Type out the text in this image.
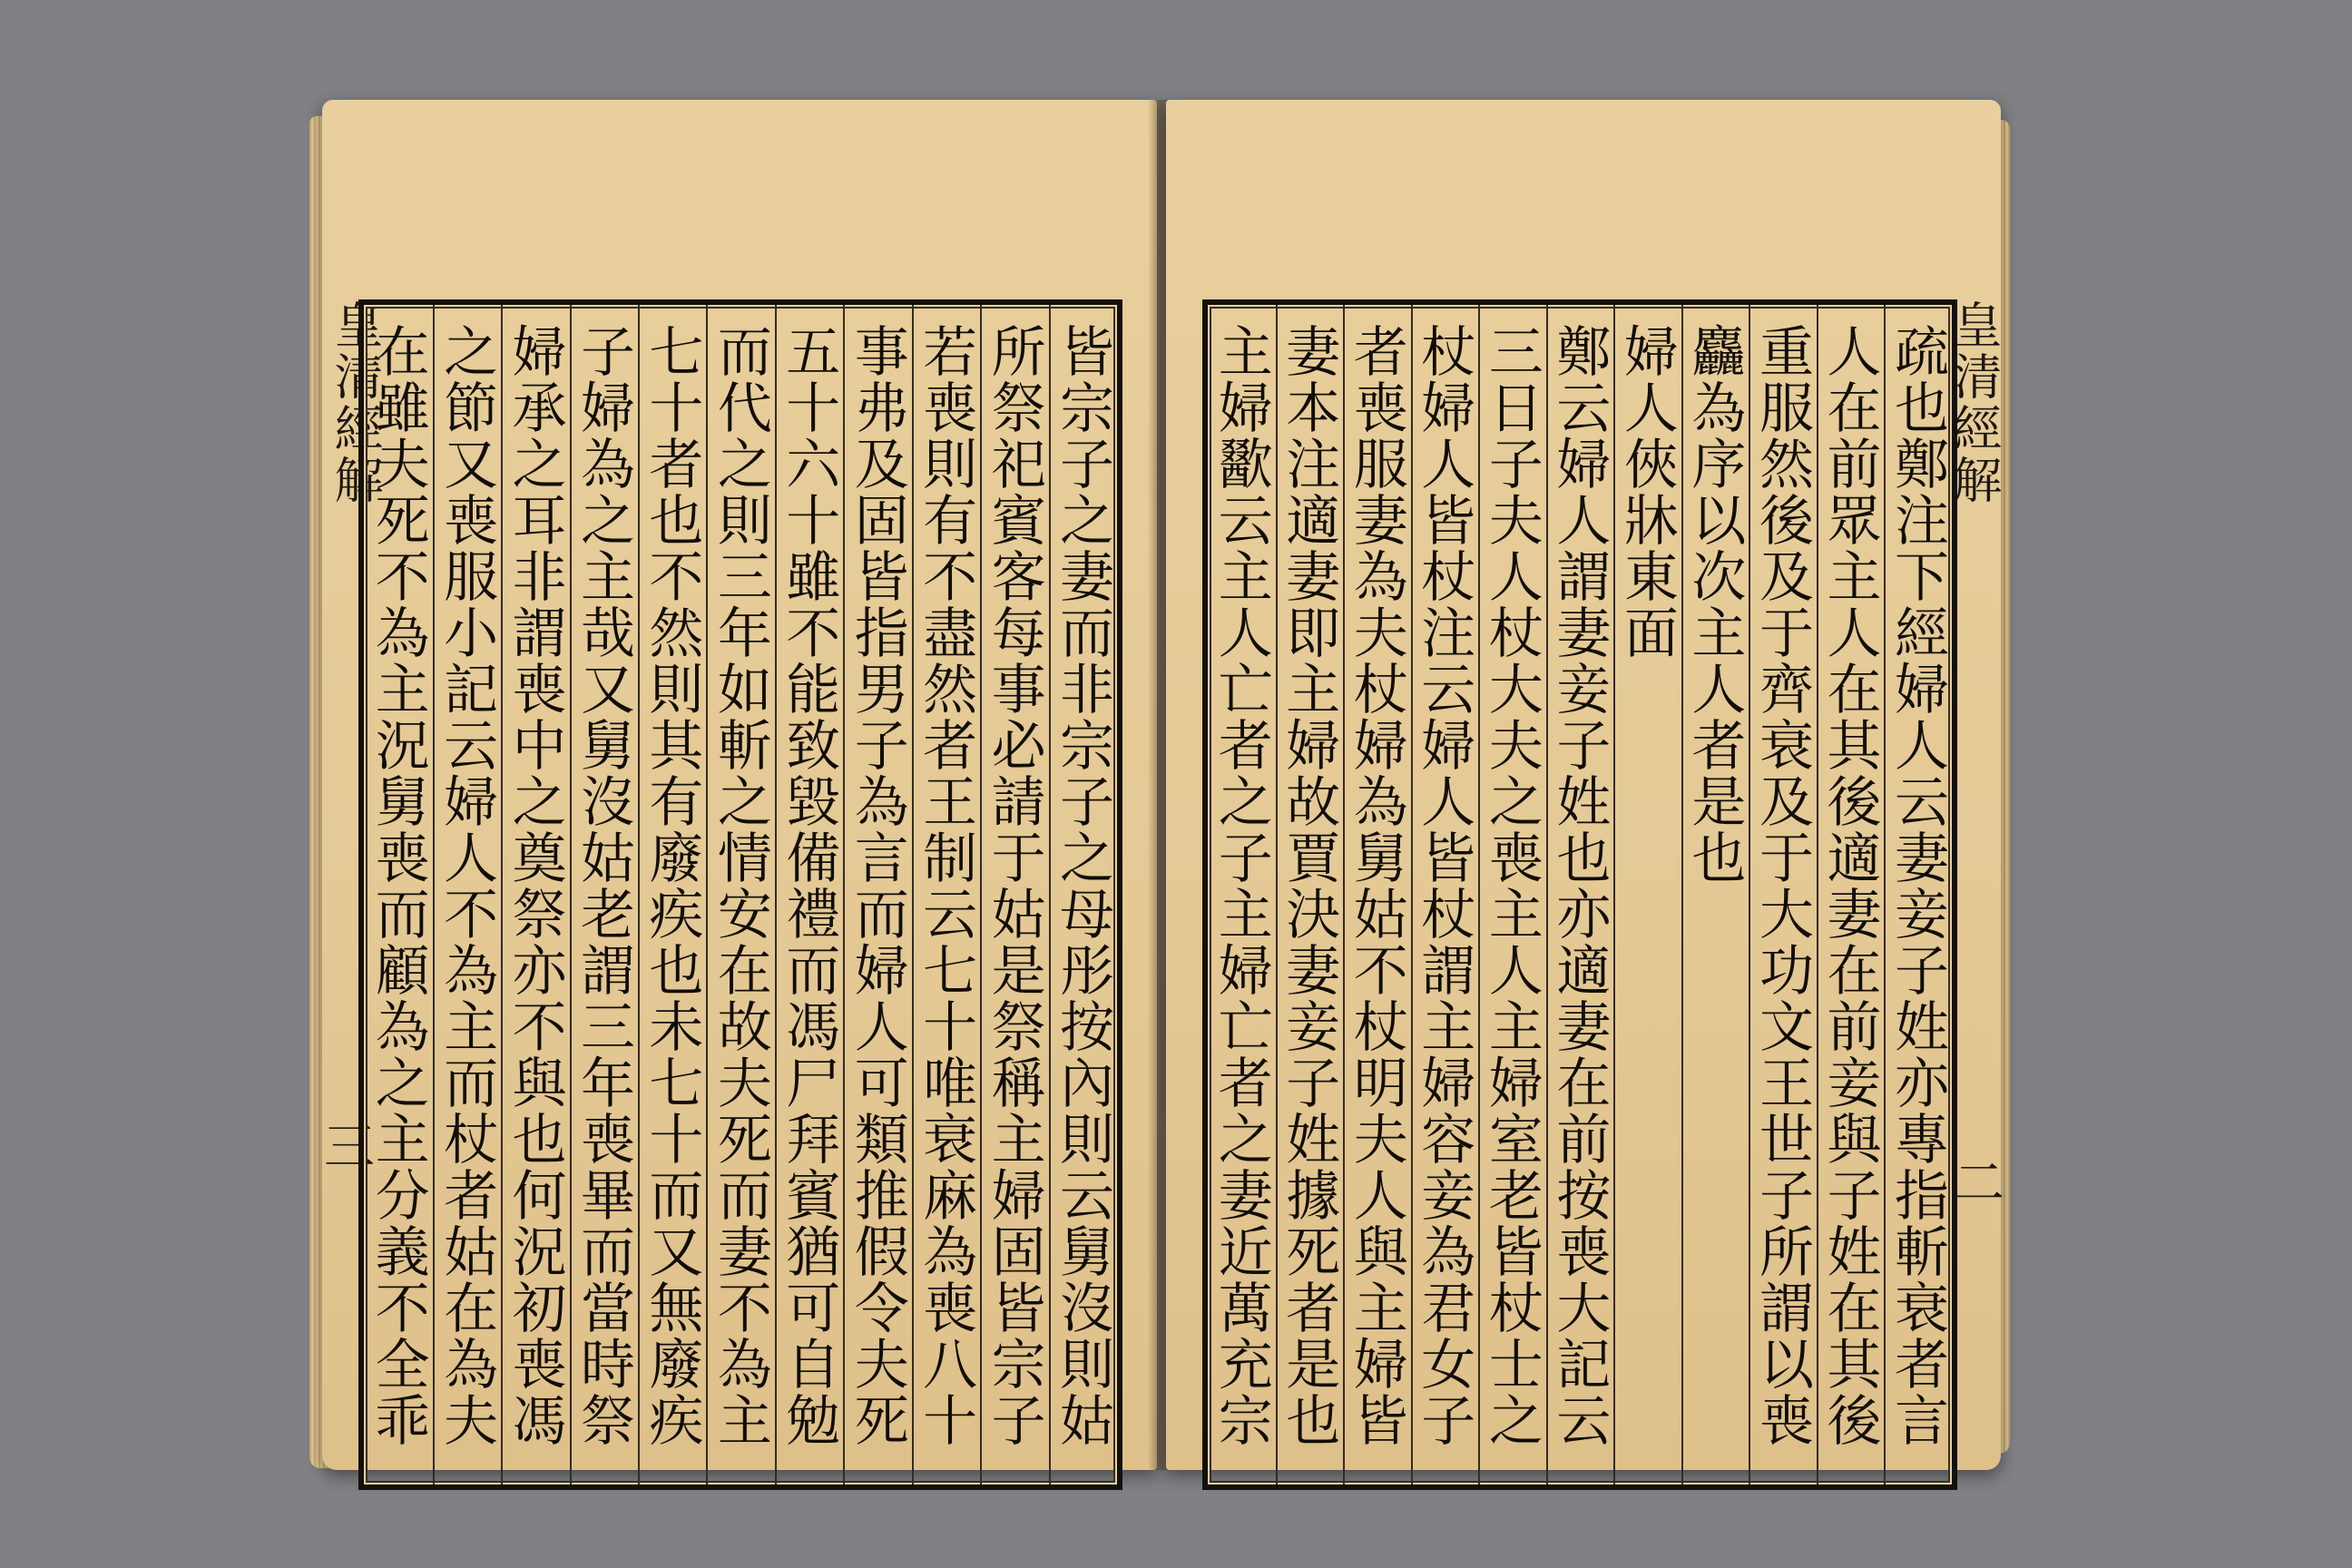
皇清經解
三
皆宗子之妻而非宗子之母彤按內則云舅沒則姑
所祭祀賓客每事必請于姑是祭稱主婦固皆宗子
若喪則有不盡然者王制云七十唯衰麻為喪八十
事弗及固皆指男子為言而婦人可類推假令夫死
五十六十雖不能致毀備禮而馮尸拜賓猶可自勉
而代之則三年如斬之情安在故夫死而妻不為主
七十者也不然則其有廢疾也未七十而又無廢疾
子婦為之主哉又舅沒姑老謂三年喪畢而當時祭
婦承之耳非謂喪中之奠祭亦不與也何況初喪馮
之節又喪服小記云婦人不為主而杖者姑在為夫
在雖夫死不為主況舅喪而顧為之主分義不全乖
皇清經解
二
疏也鄭注下經婦人云妻妾子姓亦專指斬衰者言
人在前眾主人在其後適妻在前妾與子姓在其後
重服然後及于齊衰及于大功文王世子所謂以喪
麤為序以次主人者是也
婦人俠牀東面
鄭云婦人謂妻妾子姓也亦適妻在前按喪大記云
三日子夫人杖大夫之喪主人主婦室老皆杖士之
杖婦人皆杖注云婦人皆杖謂主婦容妾為君女子
者喪服妻為夫杖婦為舅姑不杖明夫人與主婦皆
妻本注適妻即主婦故賈決妻妾子姓據死者是也
主婦歠云主人亡者之子主婦亡者之妻近萬充宗
